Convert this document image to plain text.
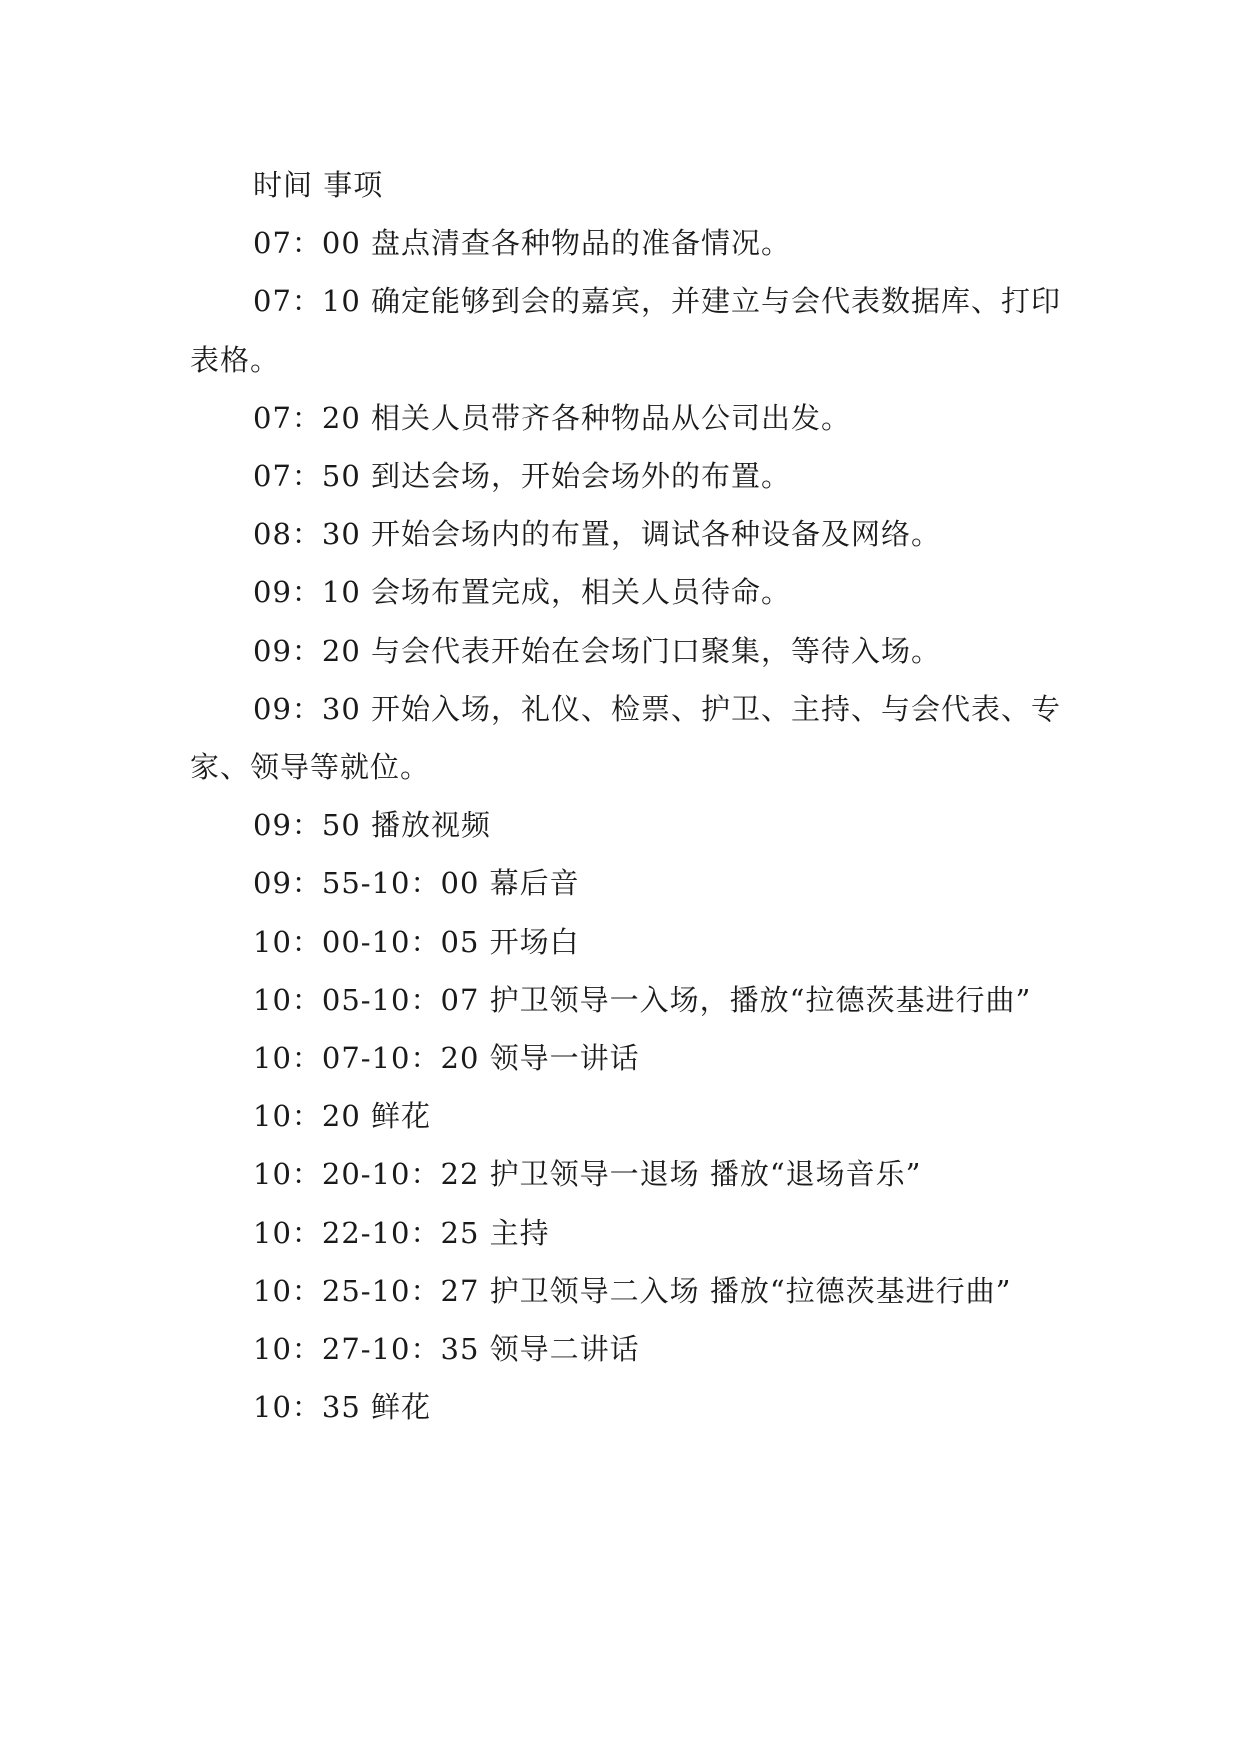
时间 事项

07：00 盘点清查各种物品的准备情况。

07：10 确定能够到会的嘉宾，并建立与会代表数据库、打印表格。

07：20 相关人员带齐各种物品从公司出发。

07：50 到达会场，开始会场外的布置。

08：30 开始会场内的布置，调试各种设备及网络。

09：10 会场布置完成，相关人员待命。

09：20 与会代表开始在会场门口聚集，等待入场。

09：30 开始入场，礼仪、检票、护卫、主持、与会代表、专家、领导等就位。

09：50 播放视频

09：55-10：00 幕后音

10：00-10：05 开场白

10：05-10：07 护卫领导一入场，播放“拉德茨基进行曲”

10：07-10：20 领导一讲话

10：20 鲜花

10：20-10：22 护卫领导一退场 播放“退场音乐”

10：22-10：25 主持

10：25-10：27 护卫领导二入场 播放“拉德茨基进行曲”

10：27-10：35 领导二讲话

10：35 鲜花
